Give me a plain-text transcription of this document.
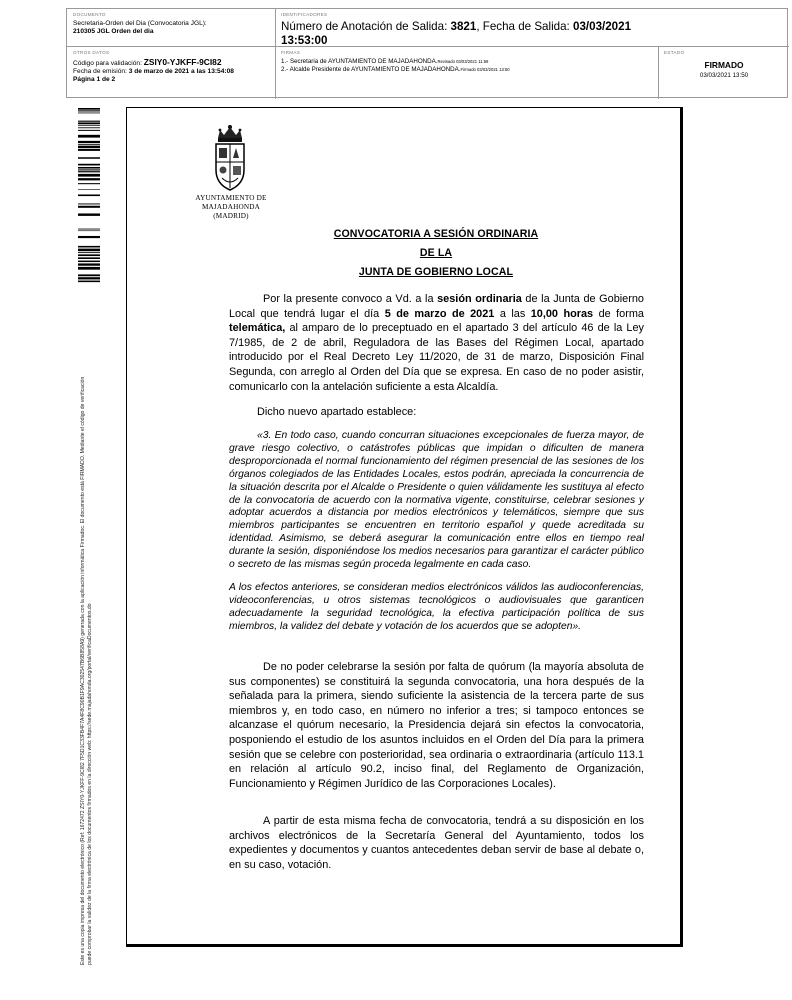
DOCUMENTO
Secretaria-Orden del Dia (Convocatoria JGL):
210305 JGL Orden del dia
IDENTIFICADORES
Número de Anotación de Salida: 3821, Fecha de Salida: 03/03/2021
13:53:00
OTROS DATOS
Código para validación: ZSIY0-YJKFF-9CI82
Fecha de emisión: 3 de marzo de 2021 a las 13:54:08
Página 1 de 2
FIRMAS
1.- Secretaria de AYUNTAMIENTO DE MAJADAHONDA.Revisado 03/03/2021 11:59
2.- Alcalde Presidente de AYUNTAMIENTO DE MAJADAHONDA.Firmado 03/03/2021 13:50
ESTADO
FIRMADO
03/03/2021 13:50
Este es una copia impresa del documento electrónico (Ref: 1672472 ZSIY0-YJKFF-9CI82 7F5D1C33FB4F7A4F8C90B1F9AC302547B6B858A9) generada con la aplicación informática Firmadoc. El documento está FIRMADO. Mediante el código de verificación puede comprobar la validez de la firma electrónica de los documentos firmados en la dirección web: https://sede.majadahonda.org/portal/verificaDocumentos.do
AYUNTAMIENTO DE
MAJADAHONDA
(MADRID)
CONVOCATORIA A SESIÓN ORDINARIA
DE LA
JUNTA DE GOBIERNO LOCAL
Por la presente convoco a Vd. a la sesión ordinaria de la Junta de Gobierno Local que tendrá lugar el día 5 de marzo de 2021 a las 10,00 horas de forma telemática, al amparo de lo preceptuado en el apartado 3 del artículo 46 de la Ley 7/1985, de 2 de abril, Reguladora de las Bases del Régimen Local, apartado introducido por el Real Decreto Ley 11/2020, de 31 de marzo, Disposición Final Segunda, con arreglo al Orden del Día que se expresa. En caso de no poder asistir, comunicarlo con la antelación suficiente a esta Alcaldía.
Dicho nuevo apartado establece:
«3. En todo caso, cuando concurran situaciones excepcionales de fuerza mayor, de grave riesgo colectivo, o catástrofes públicas que impidan o dificulten de manera desproporcionada el normal funcionamiento del régimen presencial de las sesiones de los órganos colegiados de las Entidades Locales, estos podrán, apreciada la concurrencia de la situación descrita por el Alcalde o Presidente o quien válidamente les sustituya al efecto de la convocatoria de acuerdo con la normativa vigente, constituirse, celebrar sesiones y adoptar acuerdos a distancia por medios electrónicos y telemáticos, siempre que sus miembros participantes se encuentren en territorio español y quede acreditada su identidad. Asimismo, se deberá asegurar la comunicación entre ellos en tiempo real durante la sesión, disponiéndose los medios necesarios para garantizar el carácter público o secreto de las mismas según proceda legalmente en cada caso.
A los efectos anteriores, se consideran medios electrónicos válidos las audioconferencias, videoconferencias, u otros sistemas tecnológicos o audiovisuales que garanticen adecuadamente la seguridad tecnológica, la efectiva participación política de sus miembros, la validez del debate y votación de los acuerdos que se adopten».
De no poder celebrarse la sesión por falta de quórum (la mayoría absoluta de sus componentes) se constituirá la segunda convocatoria, una hora después de la señalada para la primera, siendo suficiente la asistencia de la tercera parte de sus miembros y, en todo caso, en número no inferior a tres; si tampoco entonces se alcanzase el quórum necesario, la Presidencia dejará sin efectos la convocatoria, posponiendo el estudio de los asuntos incluidos en el Orden del Día para la primera sesión que se celebre con posterioridad, sea ordinaria o extraordinaria (artículo 113.1 en relación al artículo 90.2, inciso final, del Reglamento de Organización, Funcionamiento y Régimen Jurídico de las Corporaciones Locales).
A partir de esta misma fecha de convocatoria, tendrá a su disposición en los archivos electrónicos de la Secretaría General del Ayuntamiento, todos los expedientes y documentos y cuantos antecedentes deban servir de base al debate o, en su caso, votación.
